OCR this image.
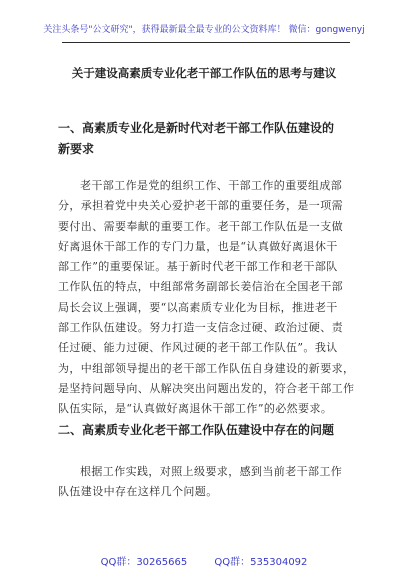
关注头条号"公文研究"，获得最新最全最专业的公文资料库！ 微信：gongwenyj
关于建设高素质专业化老干部工作队伍的思考与建议
一、高素质专业化是新时代对老干部工作队伍建设的
新要求
老干部工作是党的组织工作、干部工作的重要组成部
分，承担着党中央关心爱护老干部的重要任务，是一项需
要付出、需要奉献的重要工作。老干部工作队伍是一支做
好离退休干部工作的专门力量，也是“认真做好离退休干
部工作”的重要保证。基于新时代老干部工作和老干部队
工作队伍的特点，中组部常务副部长姜信治在全国老干部
局长会议上强调，要“以高素质专业化为目标，推进老干
部工作队伍建设。努力打造一支信念过硬、政治过硬、责
任过硬、能力过硬、作风过硬的老干部工作队伍”。我认
为，中组部领导提出的老干部工作队伍自身建设的新要求，
是坚持问题导向、从解决突出问题出发的，符合老干部工作
队伍实际，是“认真做好离退休干部工作”的必然要求。
二、高素质专业化老干部工作队伍建设中存在的问题
根据工作实践，对照上级要求，感到当前老干部工作
队伍建设中存在这样几个问题。
QQ群：30265665	QQ群：535304092
